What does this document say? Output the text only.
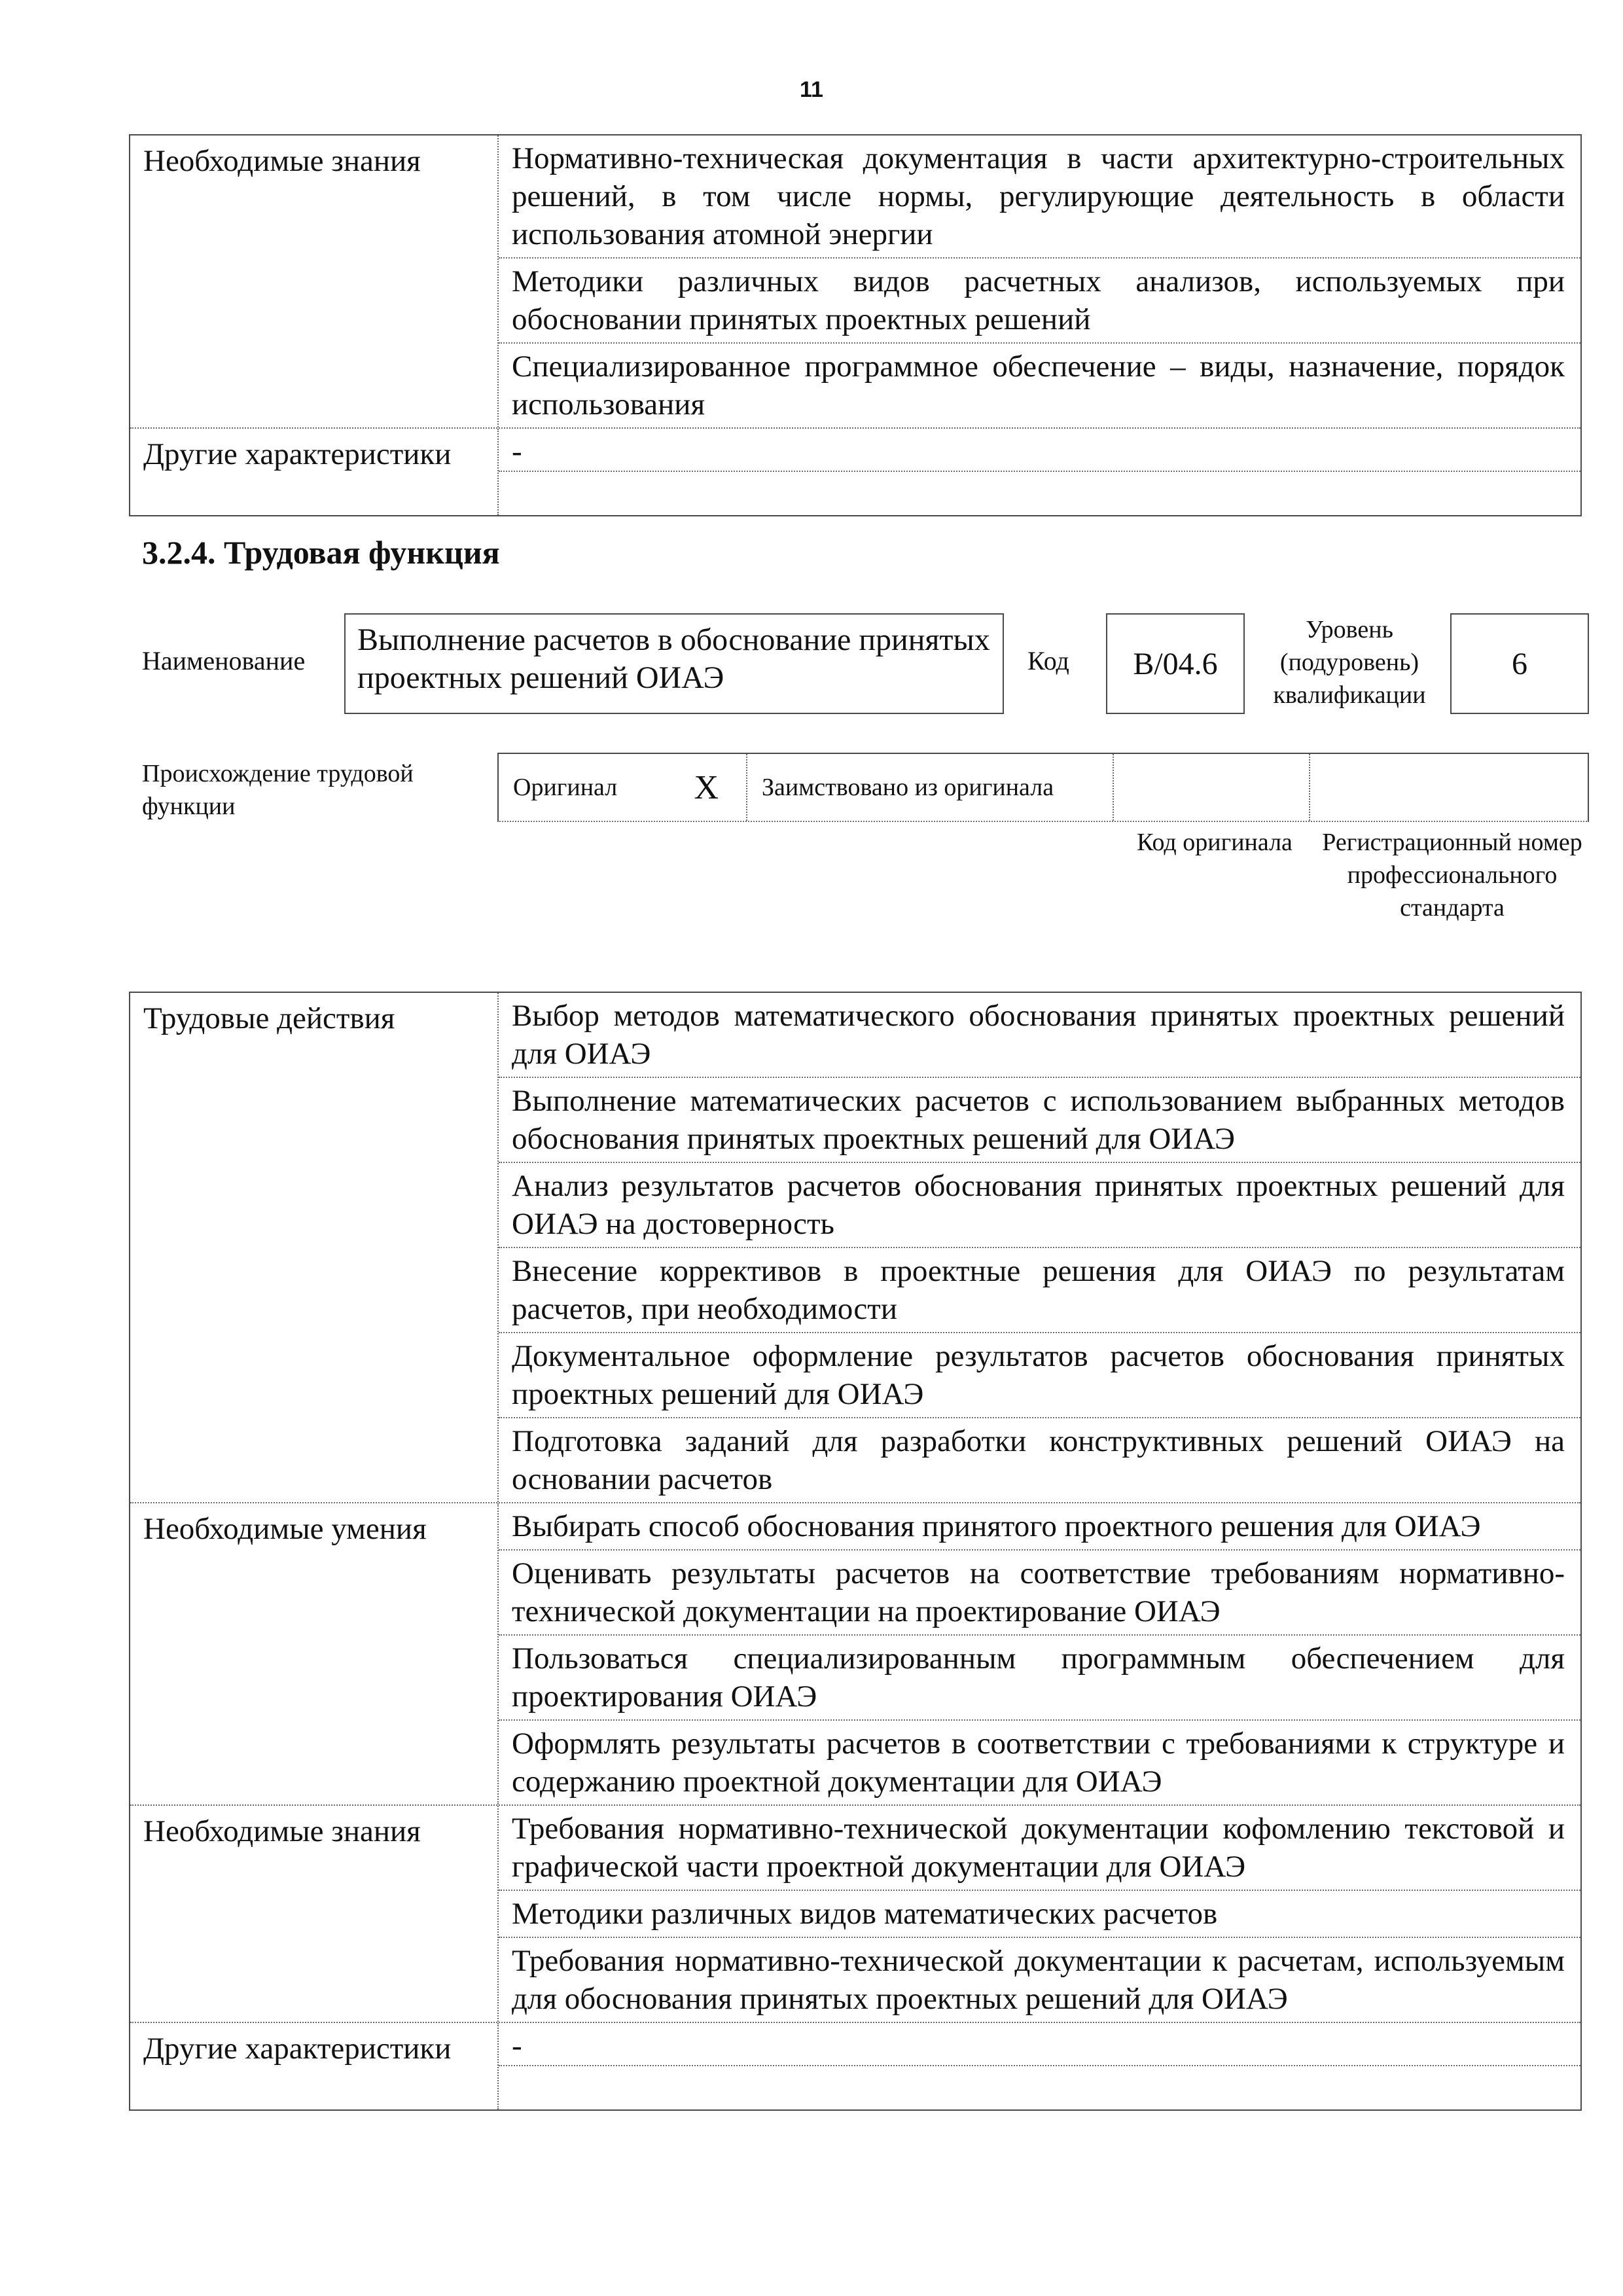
11
Необходимые знания	Нормативно-техническая документация в части архитектурно-строительных решений, в том числе нормы, регулирующие деятельность в области использования атомной энергии
Методики различных видов расчетных анализов, используемых при обосновании принятых проектных решений
Специализированное программное обеспечение – виды, назначение, порядок использования
Другие характеристики	-
3.2.4. Трудовая функция
Наименование
Выполнение расчетов в обоснование принятых проектных решений ОИАЭ	Код B/04.6
Уровень (подуровень) квалификации
6
Происхождение трудовой функции
Оригинал X Заимствовано из оригинала
Код оригинала	Регистрационный номер профессионального стандарта
Трудовые действия	Выбор методов математического обоснования принятых проектных решений для ОИАЭ
Выполнение математических расчетов с использованием выбранных методов обоснования принятых проектных решений для ОИАЭ
Анализ результатов расчетов обоснования принятых проектных решений для ОИАЭ на достоверность
Внесение коррективов в проектные решения для ОИАЭ по результатам расчетов, при необходимости
Документальное оформление результатов расчетов обоснования принятых проектных решений для ОИАЭ
Подготовка заданий для разработки конструктивных решений ОИАЭ на основании расчетов
Необходимые умения	Выбирать способ обоснования принятого проектного решения для ОИАЭ
Оценивать результаты расчетов на соответствие требованиям нормативно-технической документации на проектирование ОИАЭ
Пользоваться специализированным программным обеспечением для проектирования ОИАЭ
Оформлять результаты расчетов в соответствии с требованиями к структуре и содержанию проектной документации для ОИАЭ
Необходимые знания	Требования нормативно-технической документации кофомлению текстовой и графической части проектной документации для ОИАЭ
Методики различных видов математических расчетов
Требования нормативно-технической документации к расчетам, используемым для обоснования принятых проектных решений для ОИАЭ
Другие характеристики	-
